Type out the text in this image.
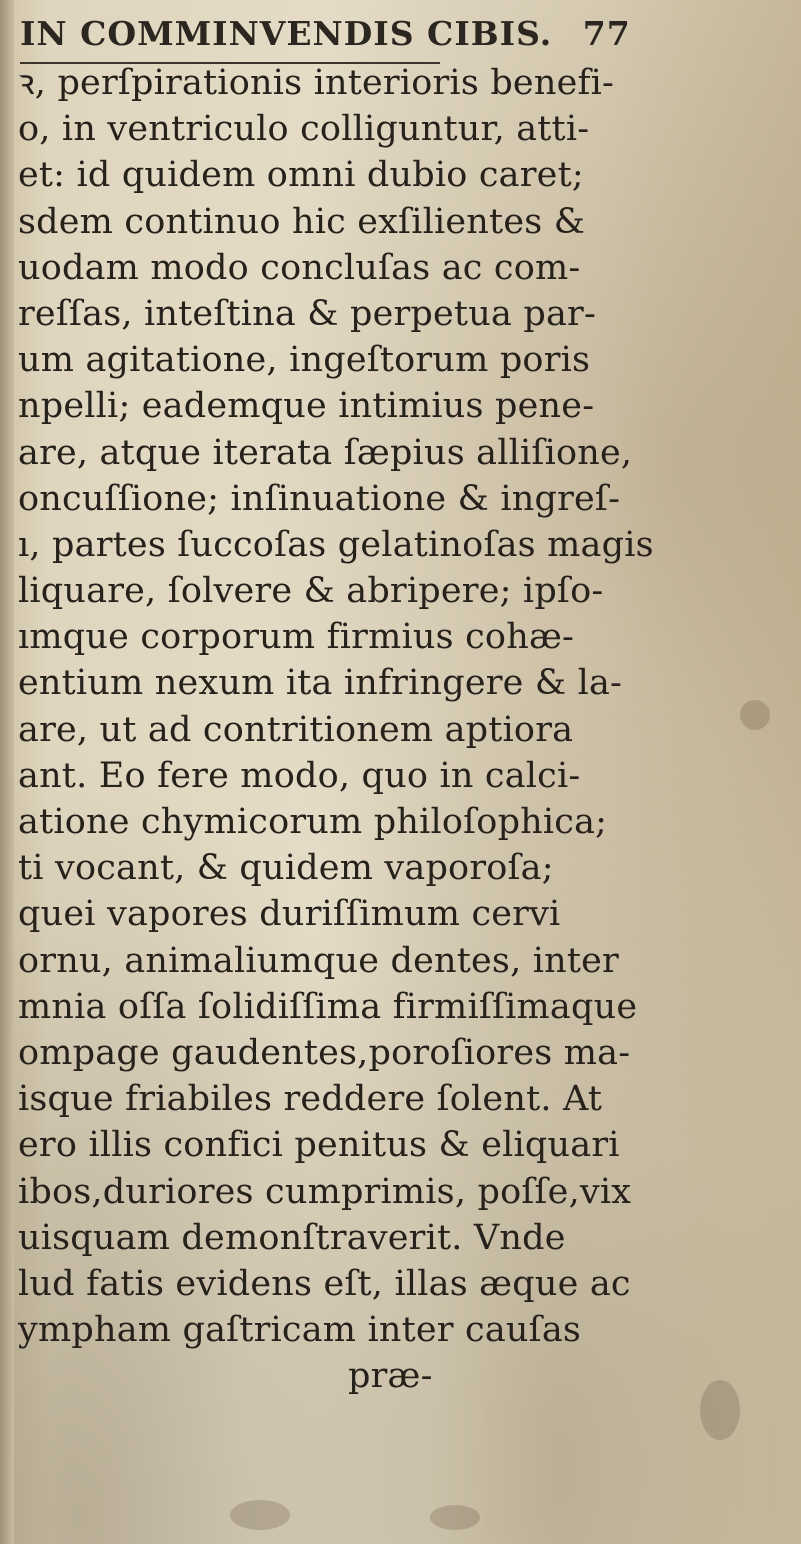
IN COMMINVENDIS CIBIS. 77
ꝛ, perſpirationis interioris benefi-
o, in ventriculo colliguntur, atti-
et: id quidem omni dubio caret;
sdem continuo hic exſilientes &
uodam modo concluſas ac com-
reſſas, inteſtina & perpetua par-
um agitatione, ingeſtorum poris
npelli; eademque intimius pene-
are, atque iterata ſæpius alliſione,
oncuſſione; inſinuatione & ingreſ-
ı, partes ſuccoſas gelatinoſas magis
liquare, ſolvere & abripere; ipſo-
ımque corporum firmius cohæ-
entium nexum ita infringere & la-
are, ut ad contritionem aptiora
ant. Eo fere modo, quo in calci-
atione chymicorum philoſophica;
ti vocant, & quidem vaporoſa;
quei vapores duriſſimum cervi
ornu, animaliumque dentes, inter
mnia oſſa ſolidiſſima firmiſſimaque
ompage gaudentes,poroſiores ma-
isque friabiles reddere ſolent. At
ero illis confici penitus & eliquari
ibos,duriores cumprimis, poſſe,vix
uisquam demonſtraverit. Vnde
lud fatis evidens eſt, illas æque ac
ympham gaſtricam inter cauſas
præ-
